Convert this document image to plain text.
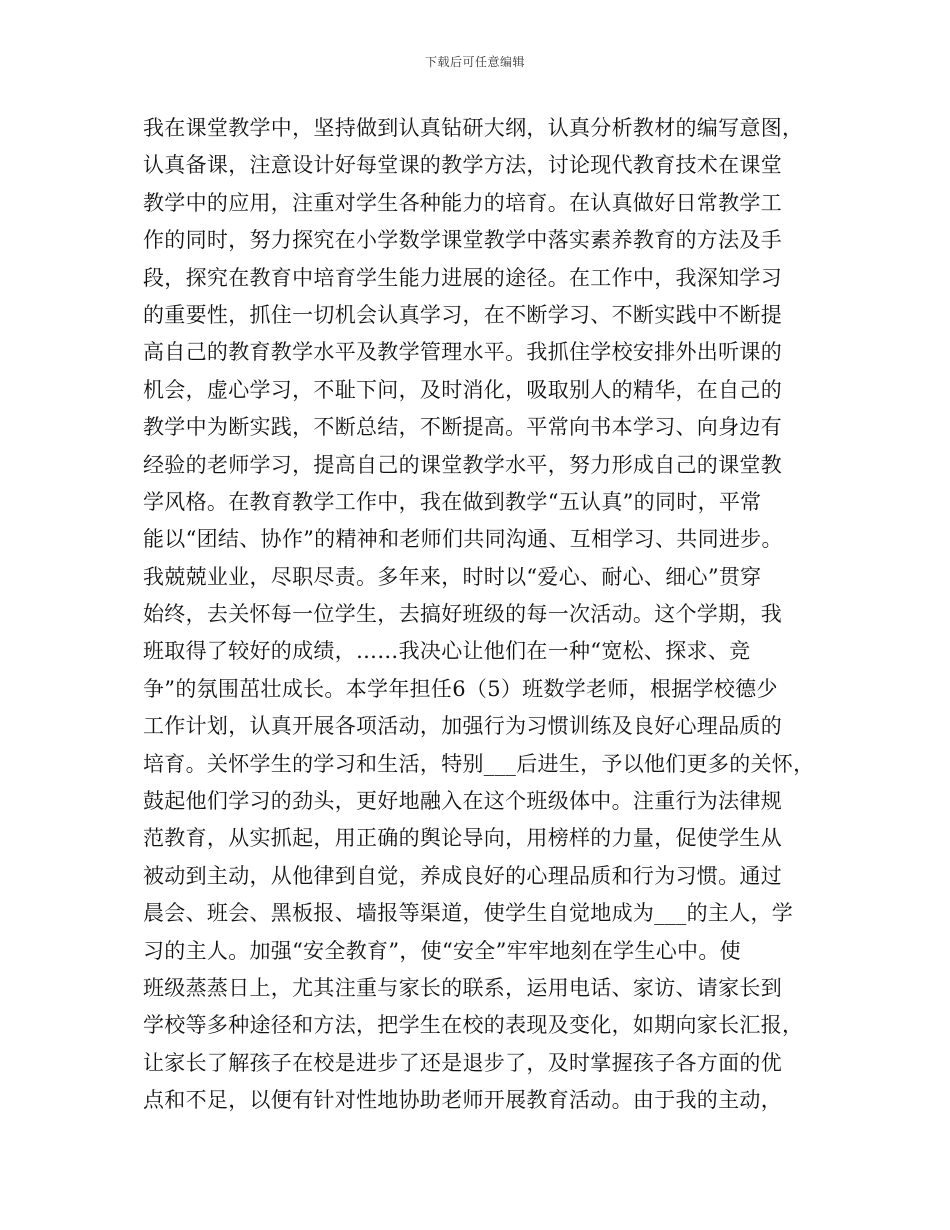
下载后可任意编辑
我在课堂教学中，坚持做到认真钻研大纲，认真分析教材的编写意图，
认真备课，注意设计好每堂课的教学方法，讨论现代教育技术在课堂
教学中的应用，注重对学生各种能力的培育。在认真做好日常教学工
作的同时，努力探究在小学数学课堂教学中落实素养教育的方法及手
段，探究在教育中培育学生能力进展的途径。在工作中，我深知学习
的重要性，抓住一切机会认真学习，在不断学习、不断实践中不断提
高自己的教育教学水平及教学管理水平。我抓住学校安排外出听课的
机会，虚心学习，不耻下问，及时消化，吸取别人的精华，在自己的
教学中为断实践，不断总结，不断提高。平常向书本学习、向身边有
经验的老师学习，提高自己的课堂教学水平，努力形成自己的课堂教
学风格。在教育教学工作中，我在做到教学“五认真”的同时，平常
能以“团结、协作”的精神和老师们共同沟通、互相学习、共同进步。
我兢兢业业，尽职尽责。多年来，时时以“爱心、耐心、细心”贯穿
始终，去关怀每一位学生，去搞好班级的每一次活动。这个学期，我
班取得了较好的成绩，……我决心让他们在一种“宽松、探求、竞
争”的氛围茁壮成长。本学年担任6（5）班数学老师，根据学校德少
工作计划，认真开展各项活动，加强行为习惯训练及良好心理品质的
培育。关怀学生的学习和生活，特别___后进生，予以他们更多的关怀，
鼓起他们学习的劲头，更好地融入在这个班级体中。注重行为法律规
范教育，从实抓起，用正确的舆论导向，用榜样的力量，促使学生从
被动到主动，从他律到自觉，养成良好的心理品质和行为习惯。通过
晨会、班会、黑板报、墙报等渠道，使学生自觉地成为___的主人，学
习的主人。加强“安全教育”，使“安全”牢牢地刻在学生心中。使
班级蒸蒸日上，尤其注重与家长的联系，运用电话、家访、请家长到
学校等多种途径和方法，把学生在校的表现及变化，如期向家长汇报，
让家长了解孩子在校是进步了还是退步了，及时掌握孩子各方面的优
点和不足，以便有针对性地协助老师开展教育活动。由于我的主动，
